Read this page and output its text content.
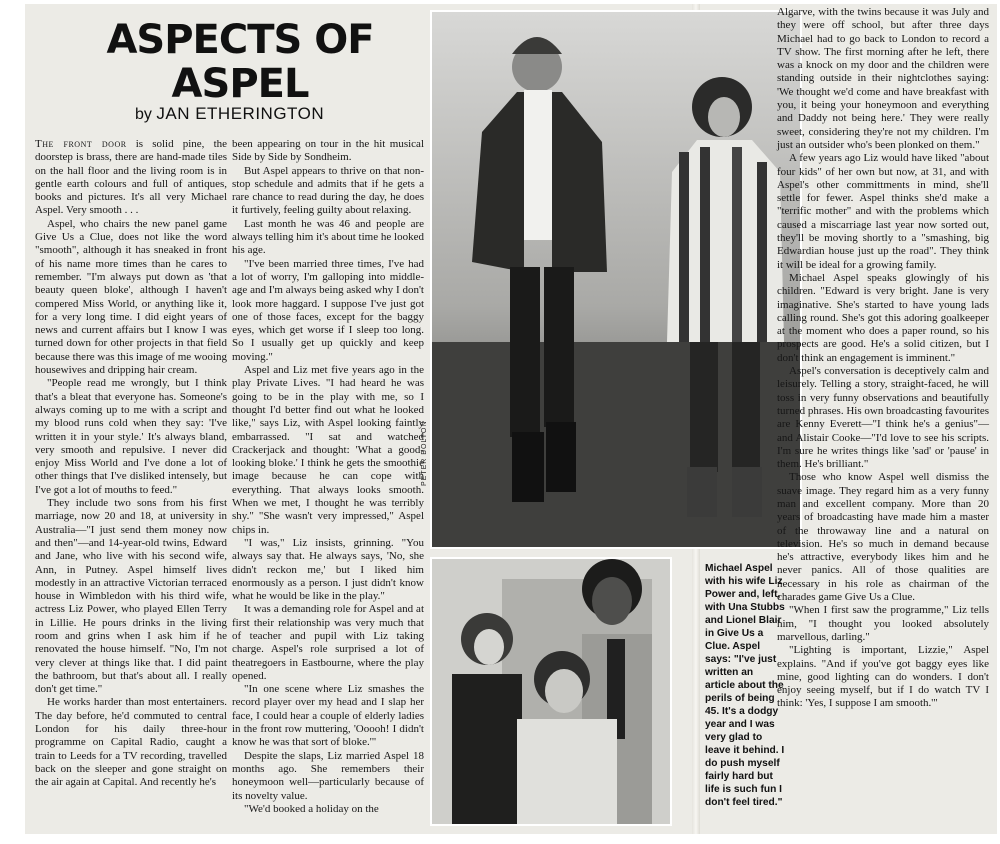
ASPECTS OF
ASPEL
by JAN ETHERINGTON

The front door is solid pine, the doorstep is brass, there are hand-made tiles on the hall floor and the living room is in gentle earth colours and full of antiques, books and pictures. It's all very Michael Aspel. Very smooth . . .

Aspel, who chairs the new panel game Give Us a Clue, does not like the word "smooth", although it has sneaked in front of his name more times than he cares to remember. "I'm always put down as 'that beauty queen bloke', although I haven't compered Miss World, or anything like it, for a very long time. I did eight years of news and current affairs but I know I was turned down for other projects in that field because there was this image of me wooing housewives and dripping hair cream.

"People read me wrongly, but I think that's a bleat that everyone has. Someone's always coming up to me with a script and my blood runs cold when they say: 'I've written it in your style.' It's always bland, very smooth and repulsive. I never did enjoy Miss World and I've done a lot of other things that I've disliked intensely, but I've got a lot of mouths to feed."

They include two sons from his first marriage, now 20 and 18, at university in Australia—"I just send them money now and then"—and 14-year-old twins, Edward and Jane, who live with his second wife, Ann, in Putney. Aspel himself lives modestly in an attractive Victorian terraced house in Wimbledon with his third wife, actress Liz Power, who played Ellen Terry in Lillie. He pours drinks in the living room and grins when I ask him if he renovated the house himself. "No, I'm not very clever at things like that. I did paint the bathroom, but that's about all. I really don't get time."

He works harder than most entertainers. The day before, he'd commuted to central London for his daily three-hour programme on Capital Radio, caught a train to Leeds for a TV recording, travelled back on the sleeper and gone straight on the air again at Capital. And recently he's

been appearing on tour in the hit musical Side by Side by Sondheim.

But Aspel appears to thrive on that non-stop schedule and admits that if he gets a rare chance to read during the day, he does it furtively, feeling guilty about relaxing.

Last month he was 46 and people are always telling him it's about time he looked his age.

"I've been married three times, I've had a lot of worry, I'm galloping into middle-age and I'm always being asked why I don't look more haggard. I suppose I've just got one of those faces, except for the baggy eyes, which get worse if I sleep too long. So I usually get up quickly and keep moving."

Aspel and Liz met five years ago in the play Private Lives. "I had heard he was going to be in the play with me, so I thought I'd better find out what he looked like," says Liz, with Aspel looking faintly embarrassed. "I sat and watched Crackerjack and thought: 'What a good-looking bloke.' I think he gets the smoothie image because he can cope with everything. That always looks smooth. When we met, I thought he was terribly shy." "She wasn't very impressed," Aspel chips in.

"I was," Liz insists, grinning. "You always say that. He always says, 'No, she didn't reckon me,' but I liked him enormously as a person. I just didn't know what he would be like in the play."

It was a demanding role for Aspel and at first their relationship was very much that of teacher and pupil with Liz taking charge. Aspel's role surprised a lot of theatregoers in Eastbourne, where the play opened.

"In one scene where Liz smashes the record player over my head and I slap her face, I could hear a couple of elderly ladies in the front row muttering, 'Ooooh! I didn't know he was that sort of bloke.'"

Despite the slaps, Liz married Aspel 18 months ago. She remembers their honeymoon well—particularly because of its novelty value.

"We'd booked a holiday on the

PETER BOLTON
Michael Aspel with his wife Liz Power and, left, with Una Stubbs and Lionel Blair in Give Us a Clue. Aspel says: "I've just written an article about the perils of being 45. It's a dodgy year and I was very glad to leave it behind. I do push myself fairly hard but life is such fun I don't feel tired."

Algarve, with the twins because it was July and they were off school, but after three days Michael had to go back to London to record a TV show. The first morning after he left, there was a knock on my door and the children were standing outside in their nightclothes saying: 'We thought we'd come and have breakfast with you, it being your honeymoon and everything and Daddy not being here.' They were really sweet, considering they're not my children. I'm just an outsider who's been plonked on them."

A few years ago Liz would have liked "about four kids" of her own but now, at 31, and with Aspel's other committments in mind, she'll settle for fewer. Aspel thinks she'd make a "terrific mother" and with the problems which caused a miscarriage last year now sorted out, they'll be moving shortly to a "smashing, big Edwardian house just up the road". They think it will be ideal for a growing family.

Michael Aspel speaks glowingly of his children. "Edward is very bright. Jane is very imaginative. She's started to have young lads calling round. She's got this adoring goalkeeper at the moment who does a paper round, so his prospects are good. He's a solid citizen, but I don't think an engagement is imminent."

Aspel's conversation is deceptively calm and leisurely. Telling a story, straight-faced, he will toss in very funny observations and beautifully turned phrases. His own broadcasting favourites are Kenny Everett—"I think he's a genius"—and Alistair Cooke—"I'd love to see his scripts. I'm sure he writes things like 'sad' or 'pause' in them. He's brilliant."

Those who know Aspel well dismiss the suave image. They regard him as a very funny man and excellent company. More than 20 years of broadcasting have made him a master of the throwaway line and a natural on television. He's so much in demand because he's attractive, everybody likes him and he never panics. All of those qualities are necessary in his role as chairman of the charades game Give Us a Clue.

"When I first saw the programme," Liz tells him, "I thought you looked absolutely marvellous, darling."

"Lighting is important, Lizzie," Aspel explains. "And if you've got baggy eyes like mine, good lighting can do wonders. I don't enjoy seeing myself, but if I do watch TV I think: 'Yes, I suppose I am smooth.'"
